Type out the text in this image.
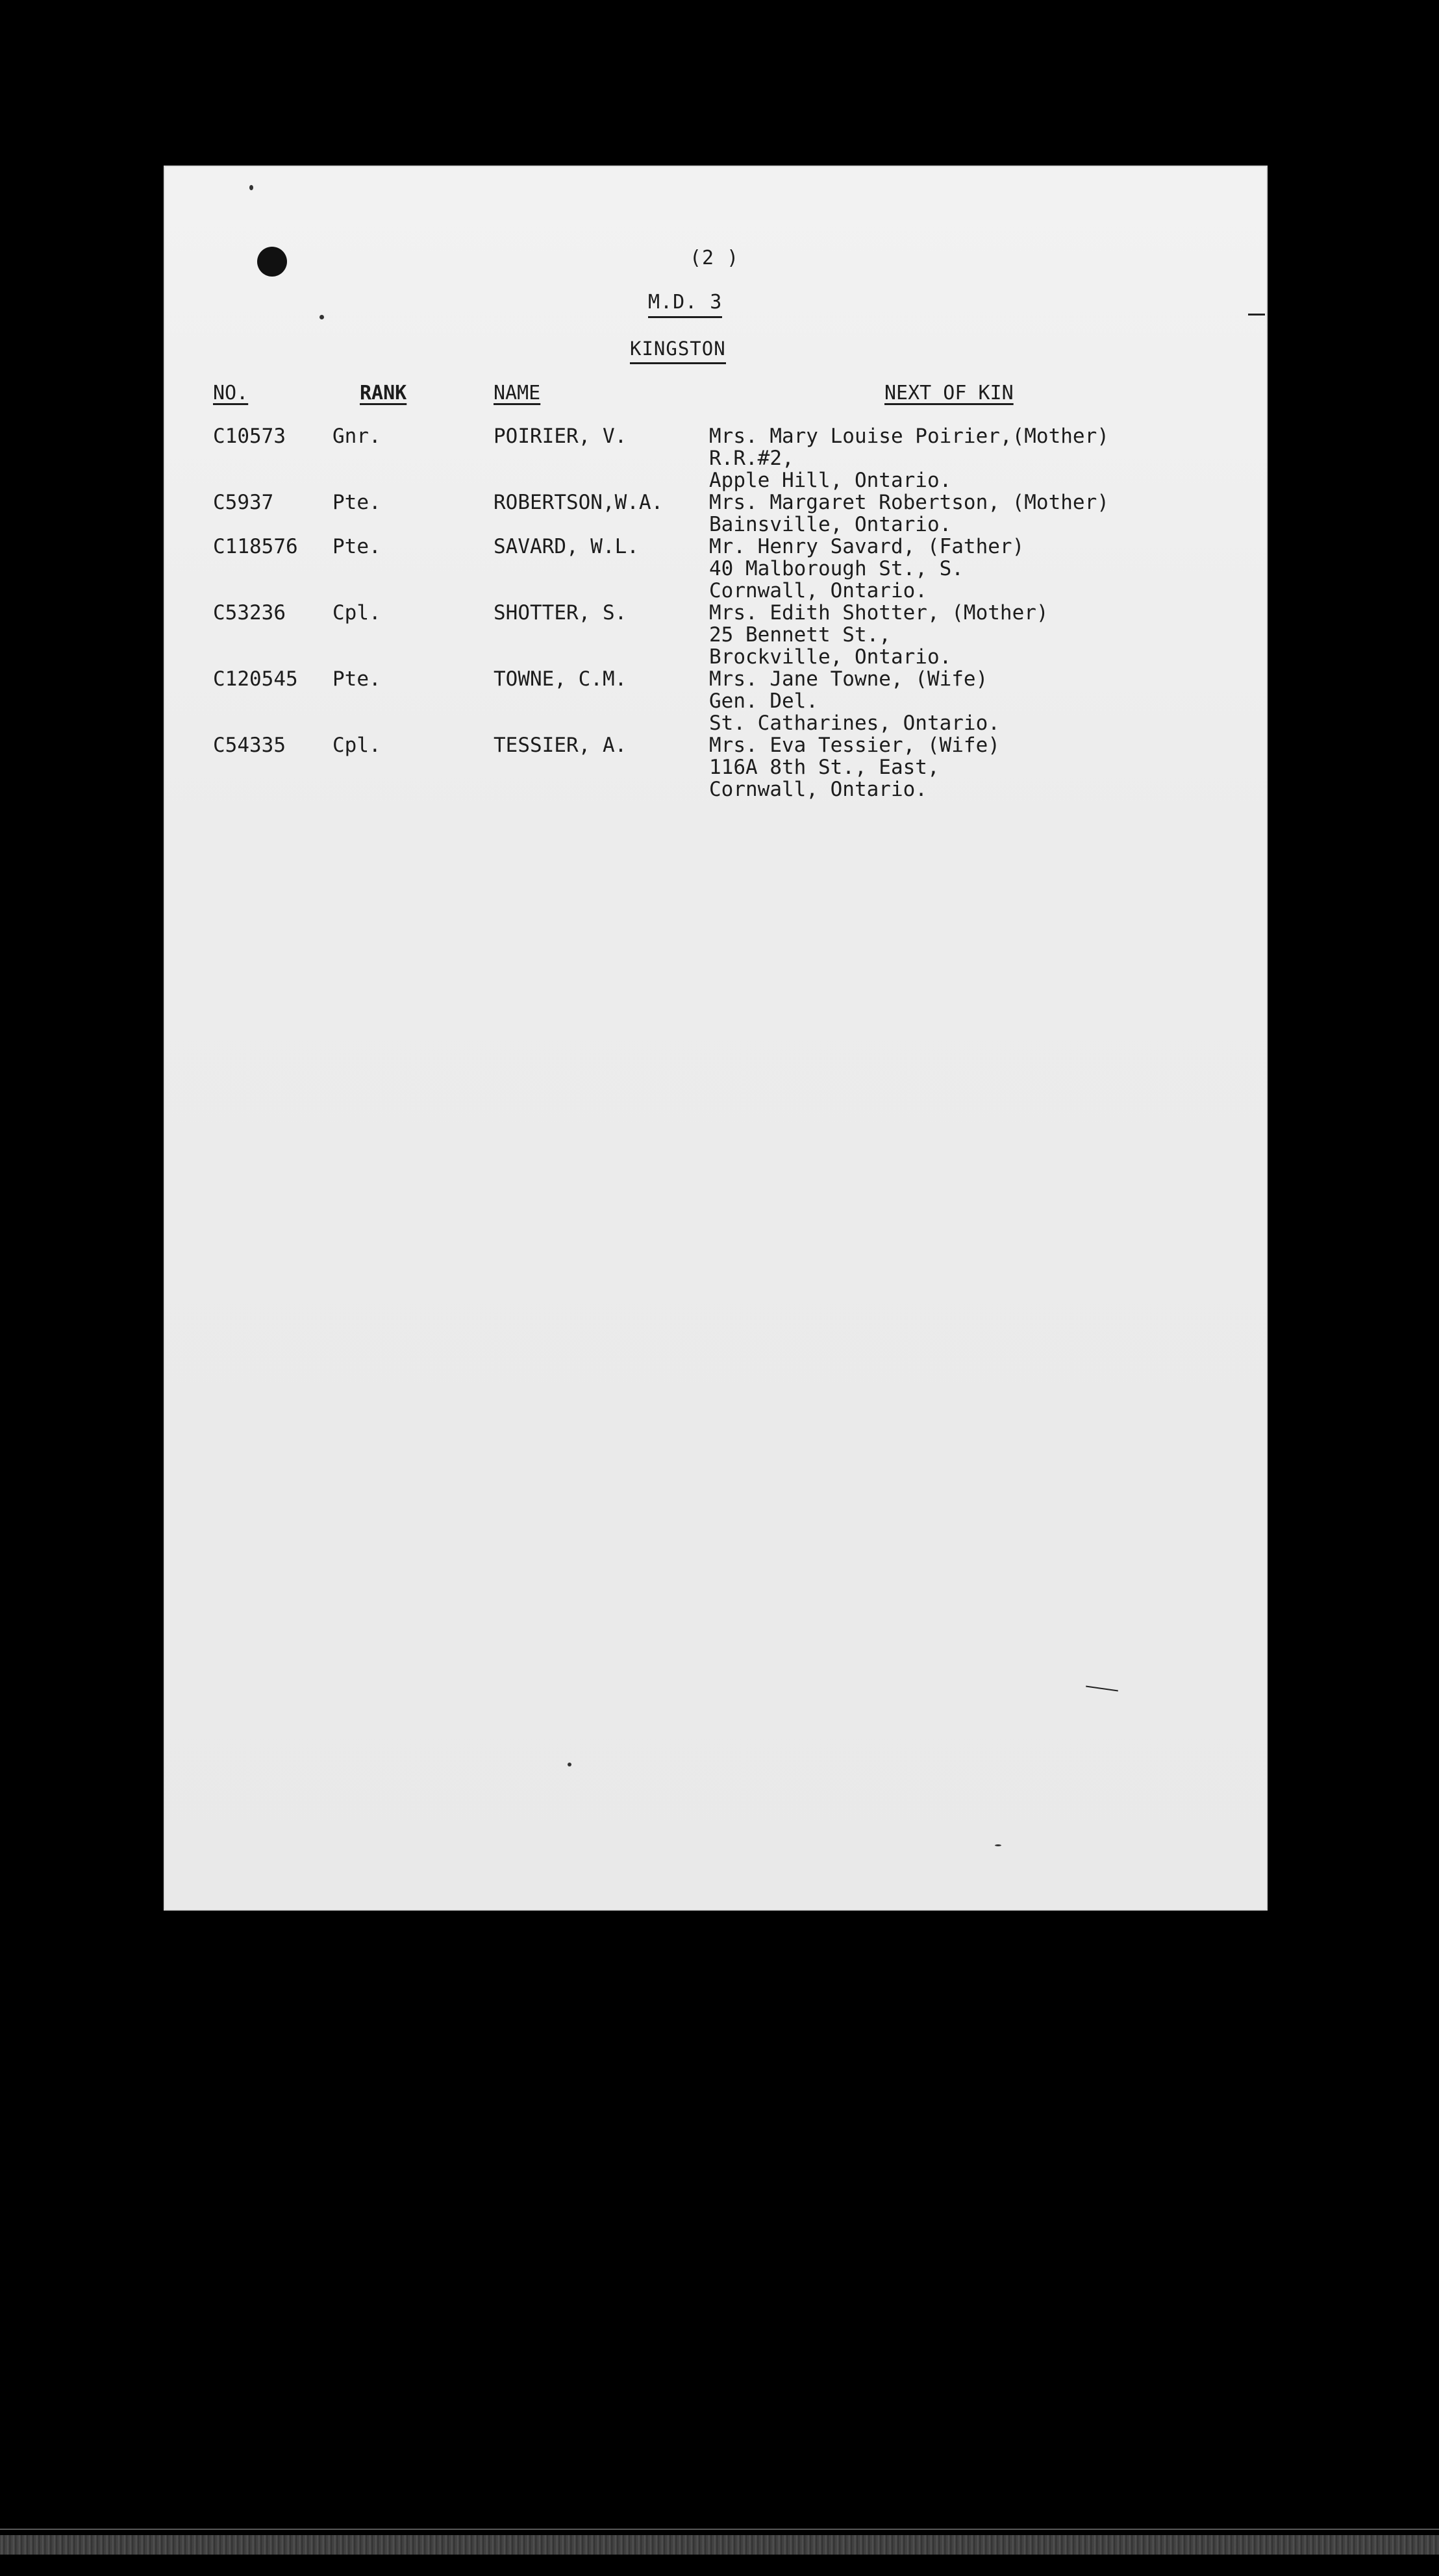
(2 )
M.D. 3
KINGSTON
NO.	RANK	NAME	NEXT OF KIN
C10573 Gnr.	POIRIER, V.	Mrs. Mary Louise Poirier,(Mother)
R.R.#2,
Apple Hill, Ontario.
C5937	Pte.	ROBERTSON,W.A. Mrs. Margaret Robertson, (Mother)
Bainsville, Ontario.
C118576 Pte.	SAVARD, W.L.	Mr. Henry Savard, (Father)
40 Malborough St., S.
Cornwall, Ontario.
C53236 Cpl.	SHOTTER, S.	Mrs. Edith Shotter, (Mother)
25 Bennett St.,
Brockville, Ontario.
C120545 Pte.	TOWNE, C.M.	Mrs. Jane Towne, (Wife)
Gen. Del.
St. Catharines, Ontario.
C54335 Cpl.	TESSIER, A.	Mrs. Eva Tessier, (Wife)
116A 8th St., East,
Cornwall, Ontario.
